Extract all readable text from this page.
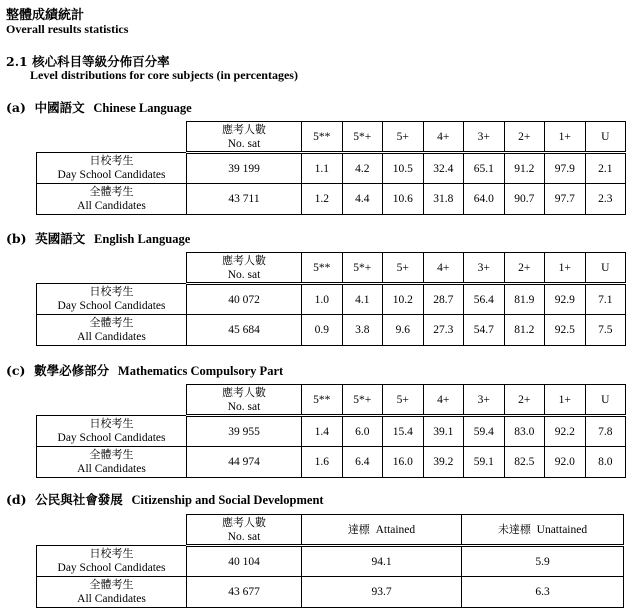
整體成績統計
Overall results statistics
2.1 核心科目等級分佈百分率
Level distributions for core subjects (in percentages)
(a) 中國語文 Chinese Language

	應考人數
No. sat	5**	5*+	5+	4+	3+	2+	1+	U

日校考生
Day School Candidates	39 199	1.1	4.2	10.5	32.4	65.1	91.2	97.9	2.1

全體考生
All Candidates	43 711	1.2	4.4	10.6	31.8	64.0	90.7	97.7	2.3
(b) 英國語文 English Language

	應考人數
No. sat	5**	5*+	5+	4+	3+	2+	1+	U

日校考生
Day School Candidates	40 072	1.0	4.1	10.2	28.7	56.4	81.9	92.9	7.1

全體考生
All Candidates	45 684	0.9	3.8	9.6	27.3	54.7	81.2	92.5	7.5
(c) 數學必修部分 Mathematics Compulsory Part

	應考人數
No. sat	5**	5*+	5+	4+	3+	2+	1+	U

日校考生
Day School Candidates	39 955	1.4	6.0	15.4	39.1	59.4	83.0	92.2	7.8

全體考生
All Candidates	44 974	1.6	6.4	16.0	39.2	59.1	82.5	92.0	8.0
(d) 公民與社會發展 Citizenship and Social Development

	應考人數
No. sat	達標 Attained	未達標 Unattained

日校考生
Day School Candidates	40 104	94.1	5.9

全體考生
All Candidates	43 677	93.7	6.3
